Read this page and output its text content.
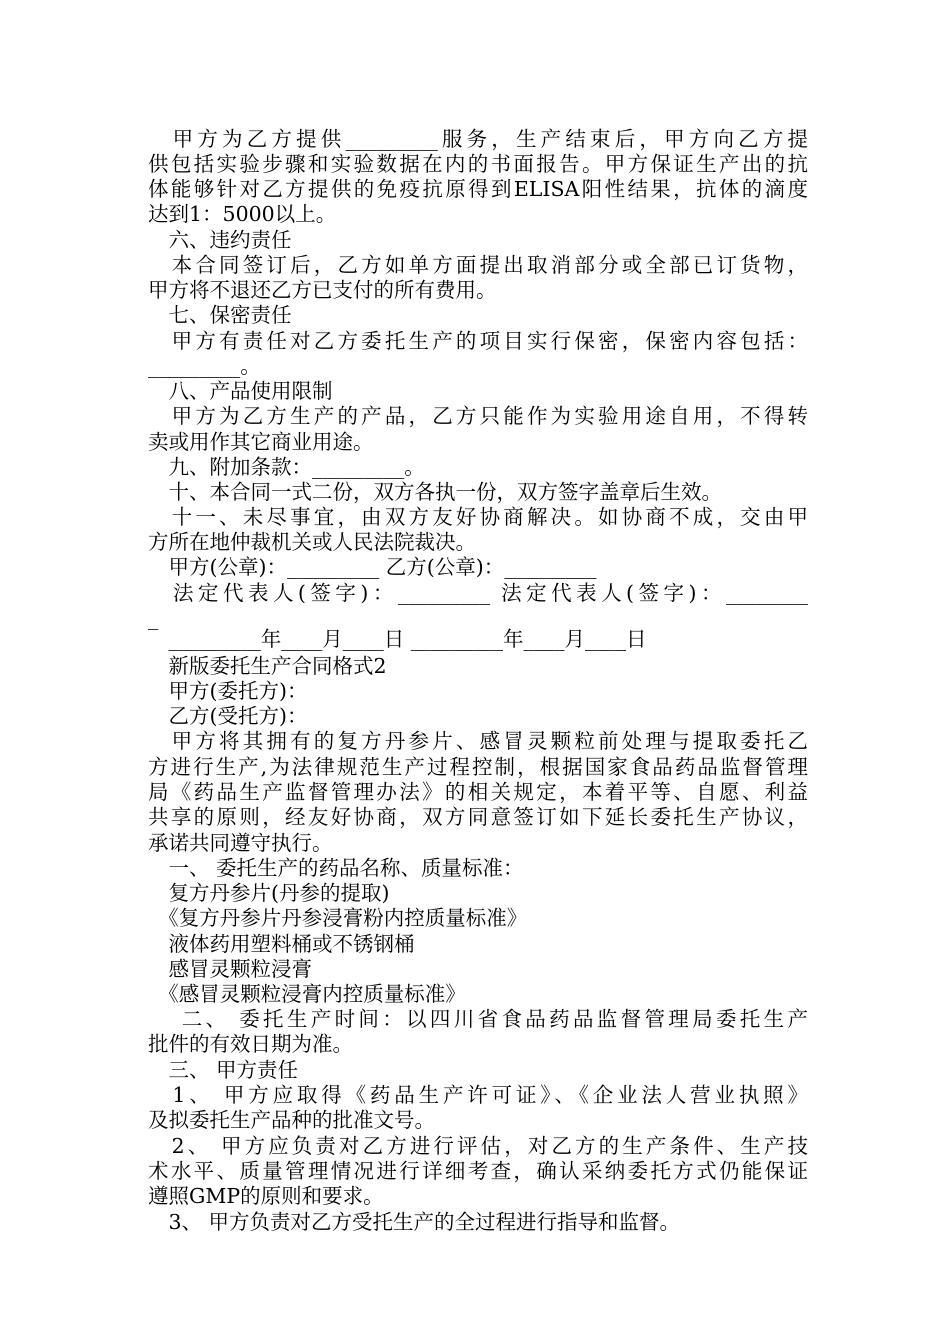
　甲方为乙方提供_________服务，生产结束后，甲方向乙方提
供包括实验步骤和实验数据在内的书面报告。甲方保证生产出的抗
体能够针对乙方提供的免疫抗原得到ELISA阳性结果，抗体的滴度
达到1：5000以上。
　六、违约责任
　本合同签订后，乙方如单方面提出取消部分或全部已订货物，
甲方将不退还乙方已支付的所有费用。
　七、保密责任
　甲方有责任对乙方委托生产的项目实行保密，保密内容包括：
_________。
　八、产品使用限制
　甲方为乙方生产的产品，乙方只能作为实验用途自用，不得转
卖或用作其它商业用途。
　九、附加条款：_________。
　十、本合同一式二份，双方各执一份，双方签字盖章后生效。
　十一、未尽事宜，由双方友好协商解决。如协商不成，交由甲
方所在地仲裁机关或人民法院裁决。
　甲方(公章)：_________ 乙方(公章)：_________
　法定代表人(签字)：_________ 法定代表人(签字)：________
_
　_________年____月____日 _________年____月____日
　新版委托生产合同格式2
　甲方(委托方)：
　乙方(受托方)：
　甲方将其拥有的复方丹参片、感冒灵颗粒前处理与提取委托乙
方进行生产,为法律规范生产过程控制，根据国家食品药品监督管理
局《药品生产监督管理办法》的相关规定，本着平等、自愿、利益
共享的原则，经友好协商，双方同意签订如下延长委托生产协议，
承诺共同遵守执行。
　一、 委托生产的药品名称、质量标准：
　复方丹参片(丹参的提取)
　《复方丹参片丹参浸膏粉内控质量标准》
　液体药用塑料桶或不锈钢桶
　感冒灵颗粒浸膏
　《感冒灵颗粒浸膏内控质量标准》
　 二、 委托生产时间：以四川省食品药品监督管理局委托生产
批件的有效日期为准。
　三、 甲方责任
　1、 甲方应取得《药品生产许可证》、《企业法人营业执照》
及拟委托生产品种的批准文号。
　2、 甲方应负责对乙方进行评估，对乙方的生产条件、生产技
术水平、质量管理情况进行详细考查，确认采纳委托方式仍能保证
遵照GMP的原则和要求。
　3、 甲方负责对乙方受托生产的全过程进行指导和监督。
